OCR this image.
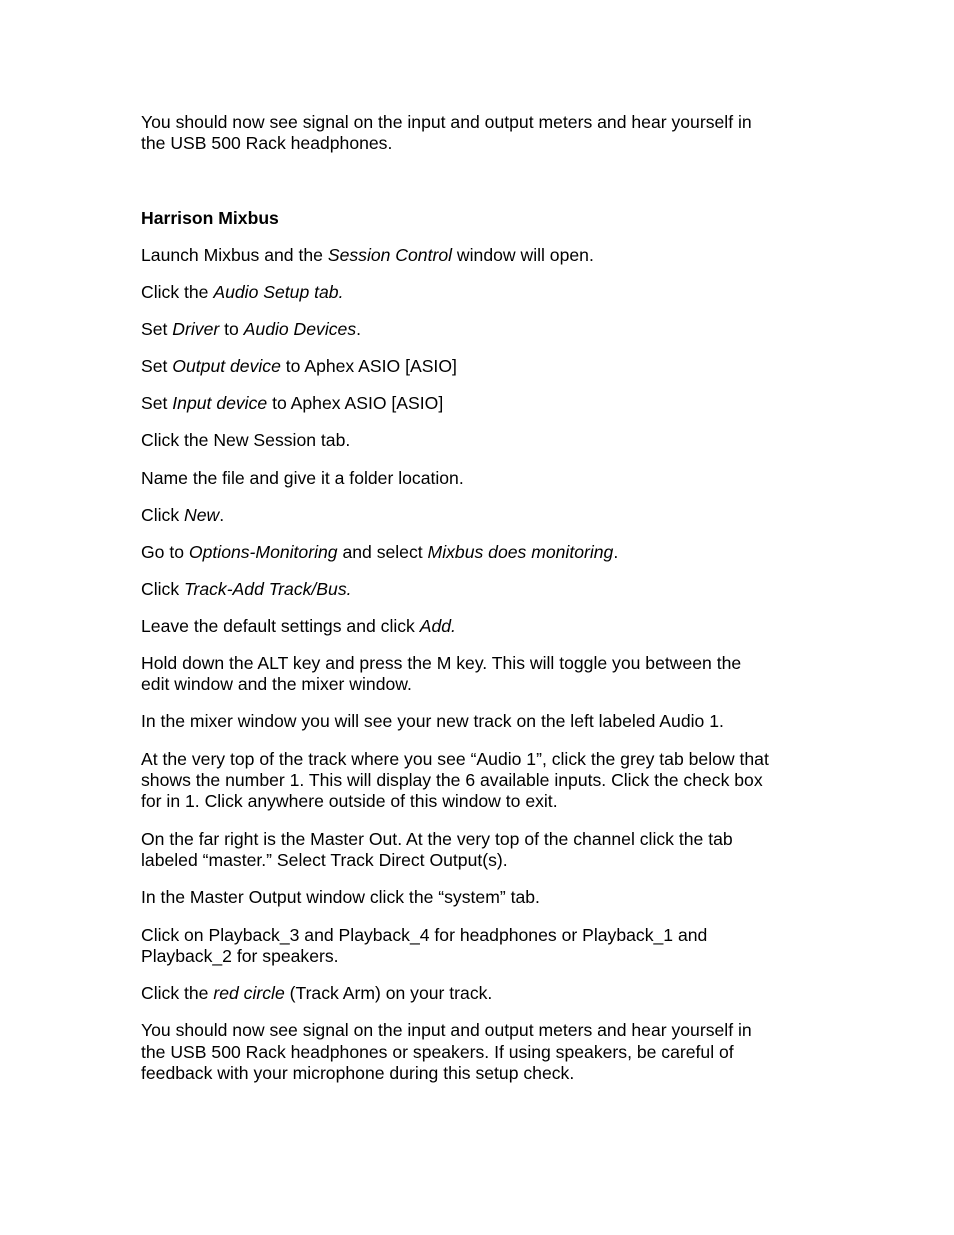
You should now see signal on the input and output meters and hear yourself in
the USB 500 Rack headphones.
Harrison Mixbus
Launch Mixbus and the Session Control window will open.
Click the Audio Setup tab.
Set Driver to Audio Devices.
Set Output device to Aphex ASIO [ASIO]
Set Input device to Aphex ASIO [ASIO]
Click the New Session tab.
Name the file and give it a folder location.
Click New.
Go to Options-Monitoring and select Mixbus does monitoring.
Click Track-Add Track/Bus.
Leave the default settings and click Add.
Hold down the ALT key and press the M key. This will toggle you between the
edit window and the mixer window.
In the mixer window you will see your new track on the left labeled Audio 1.
At the very top of the track where you see “Audio 1”, click the grey tab below that
shows the number 1. This will display the 6 available inputs. Click the check box
for in 1. Click anywhere outside of this window to exit.
On the far right is the Master Out. At the very top of the channel click the tab
labeled “master.” Select Track Direct Output(s).
In the Master Output window click the “system” tab.
Click on Playback_3 and Playback_4 for headphones or Playback_1 and
Playback_2 for speakers.
Click the red circle (Track Arm) on your track.
You should now see signal on the input and output meters and hear yourself in
the USB 500 Rack headphones or speakers. If using speakers, be careful of
feedback with your microphone during this setup check.
